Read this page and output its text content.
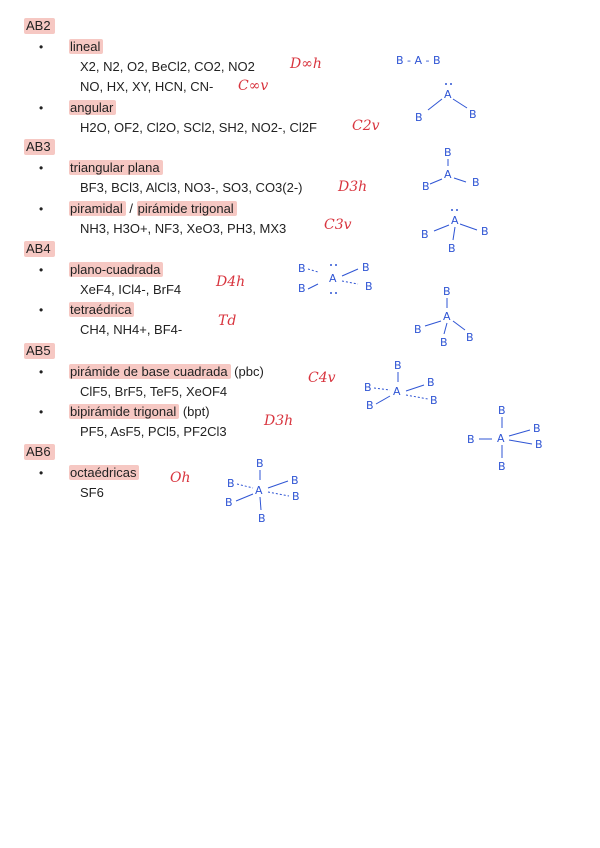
AB2
• lineal
X2, N2, O2, BeCl2, CO2, NO2
NO, HX, XY, HCN, CN-
D∞h
C∞v
• angular
H2O, OF2, Cl2O, SCl2, SH2, NO2-, Cl2F	C2v
AB3
• triangular plana
BF3, BCl3, AlCl3, NO3-, SO3, CO3(2-)	D3h
• piramidal / pirámide trigonal
NH3, H3O+, NF3, XeO3, PH3, MX3	C3v
AB4
• plano-cuadrada
XeF4, ICl4-, BrF4 D4h
• tetraédrica
CH4, NH4+, BF4-
Td
AB5
• pirámide de base cuadrada (pbc)
ClF5, BrF5, TeF5, XeOF4
C4v
• bipirámide trigonal (bpt)
PF5, AsF5, PCl5, PF2Cl3
D3h
AB6
• octaédricas
SF6
Oh
B - A - B
A
B	B
B
A
B	B
A
B	B
B
B
B
A
B
B	B
A
B
B
B
B
B
B
A
B
B
B
B A
B
B
B
B
B
B
A
B
B
B
